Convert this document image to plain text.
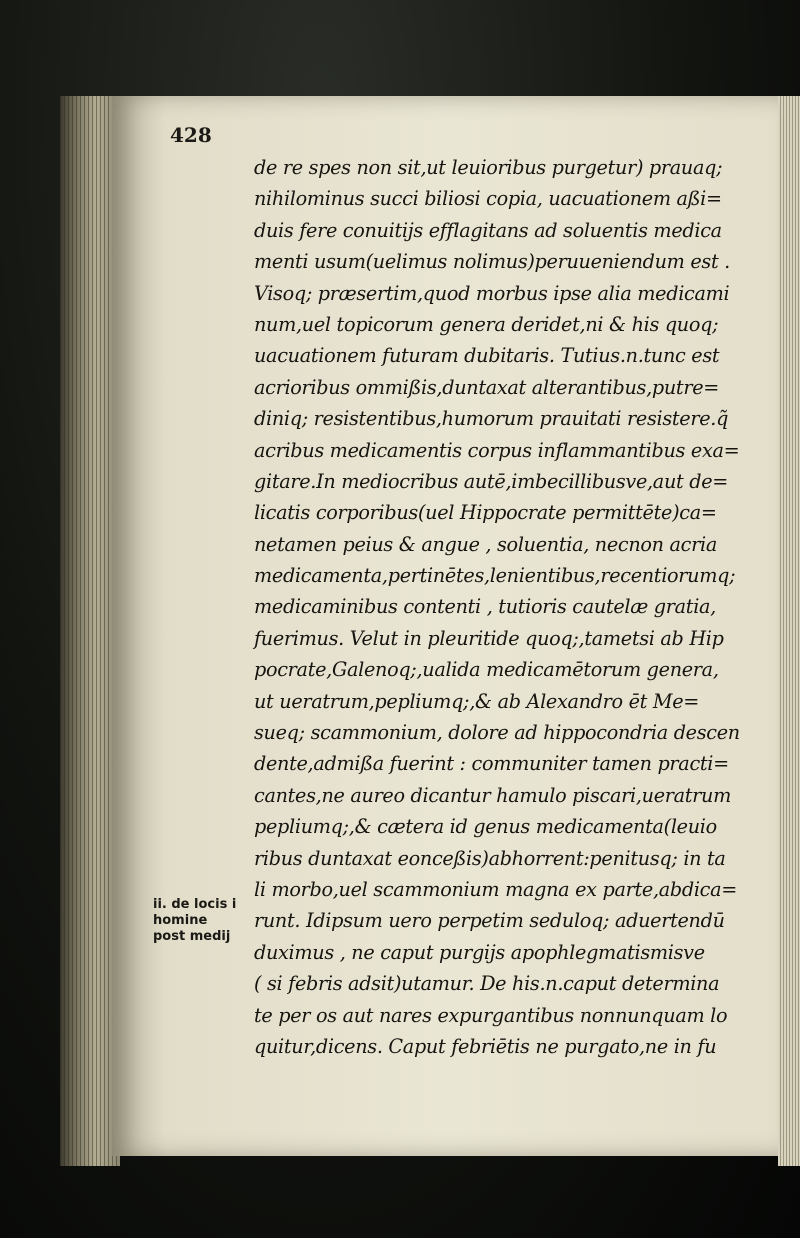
428
de re spes non sit,ut leuioribus purgetur) prauaq;
nihilominus succi biliosi copia, uacuationem aßi=
duis fere conuitijs efflagitans ad soluentis medica
menti usum(uelimus nolimus)peruueniendum est .
Visoq; præsertim,quod morbus ipse alia medicami
num,uel topicorum genera deridet,ni & his quoq;
uacuationem futuram dubitaris. Tutius.n.tunc est
acrioribus ommißis,duntaxat alterantibus,putre=
diniq; resistentibus,humorum prauitati resistere.q̃
acribus medicamentis corpus inflammantibus exa=
gitare.In mediocribus autē,imbecillibusve,aut de=
licatis corporibus(uel Hippocrate permittēte)ca=
netamen peius & angue , soluentia, necnon acria
medicamenta,pertinētes,lenientibus,recentiorumq;
medicaminibus contenti , tutioris cautelæ gratia,
fuerimus. Velut in pleuritide quoq;,tametsi ab Hip
pocrate,Galenoq;,ualida medicamētorum genera,
ut ueratrum,pepliumq;,& ab Alexandro ēt Me=
sueq; scammonium, dolore ad hippocondria descen
dente,admißa fuerint : communiter tamen practi=
cantes,ne aureo dicantur hamulo piscari,ueratrum
pepliumq;,& cætera id genus medicamenta(leuio
ribus duntaxat eonceßis)abhorrent:penitusq; in ta
li morbo,uel scammonium magna ex parte,abdica=
runt. Idipsum uero perpetim seduloq; aduertendū
duximus , ne caput purgijs apophlegmatismisve
( si febris adsit)utamur. De his.n.caput determina
te per os aut nares expurgantibus nonnunquam lo
quitur,dicens. Caput febriētis ne purgato,ne in fu
ii. de locis i
homine
post medij
